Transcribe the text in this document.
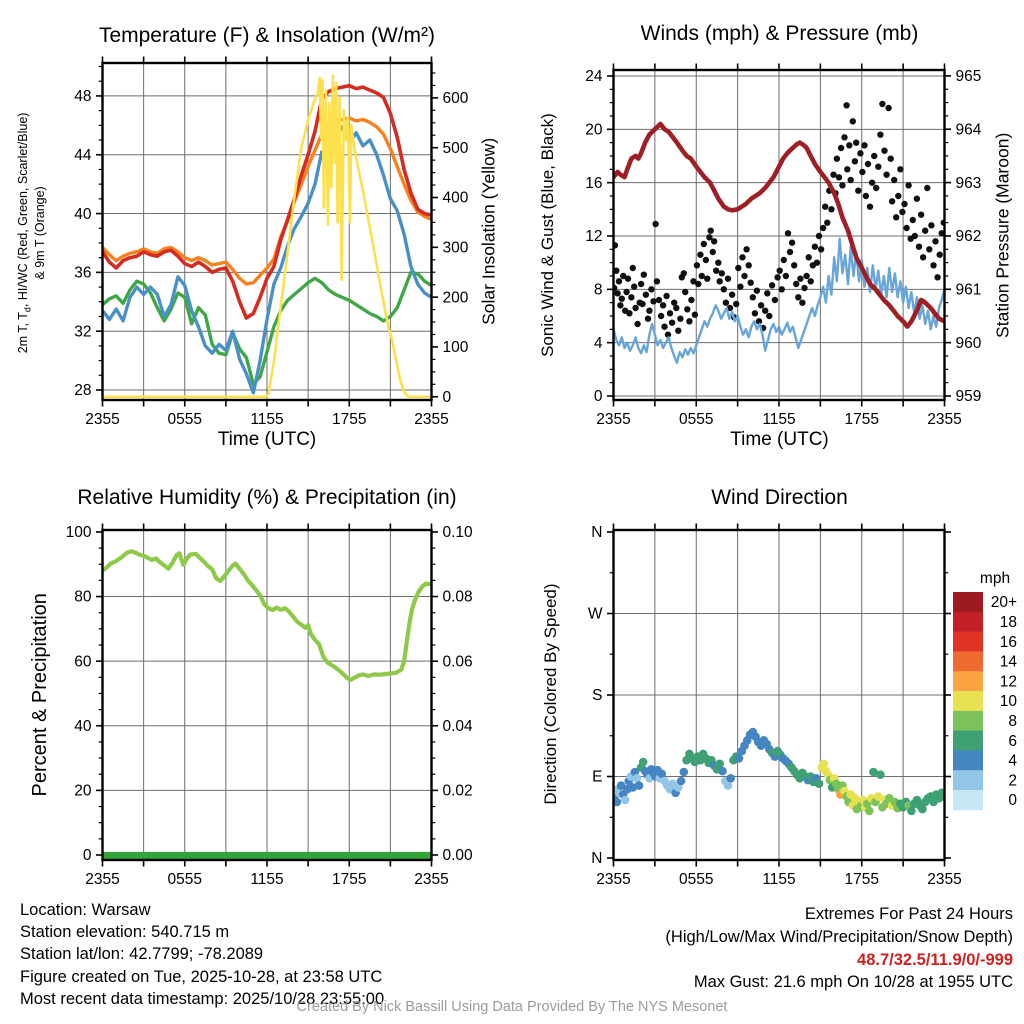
28
32
36
40
44
48
0
100
200
300
400
500
600
2355	0555	1155	1755	2355
0
4
8
12
16
20
24
959
960
961
962
963
964
965
2355	0555	1155	1755	2355
0
20
40
60
80
100
0.00
0.02
0.04
0.06
0.08
0.10
2355	0555	1155	1755	2355
N
W
S
E
N
2355	0555	1155	1755	2355
mph
20+
18
16
14
12
10
8
6
4
2
0
Temperature (F) & Insolation (W/m²)	Winds (mph) & Pressure (mb)
Relative Humidity (%) & Precipitation (in)	Wind Direction
2m T, $T_d$, HI/WC (Red, Green, Scarlet/Blue) & 9m T (Orange)	Solar Insolation (Yellow) Sonic Wind & Gust (Blue, Black)	Station Pressure (Maroon)
Percent & Precipitation	Direction (Colored By Speed)
Time (UTC)	Time (UTC)
Location: Warsaw
Station elevation: 540.715 m
Station lat/lon: 42.7799; -78.2089
Figure created on Tue, 2025-10-28, at 23:58 UTC
Most recent data timestamp: 2025/10/28 23:55:00
Extremes For Past 24 Hours
(High/Low/Max Wind/Precipitation/Snow Depth)
48.7/32.5/11.9/0/-999
Max Gust: 21.6 mph On 10/28 at 1955 UTC
Created By Nick Bassill Using Data Provided By The NYS Mesonet
